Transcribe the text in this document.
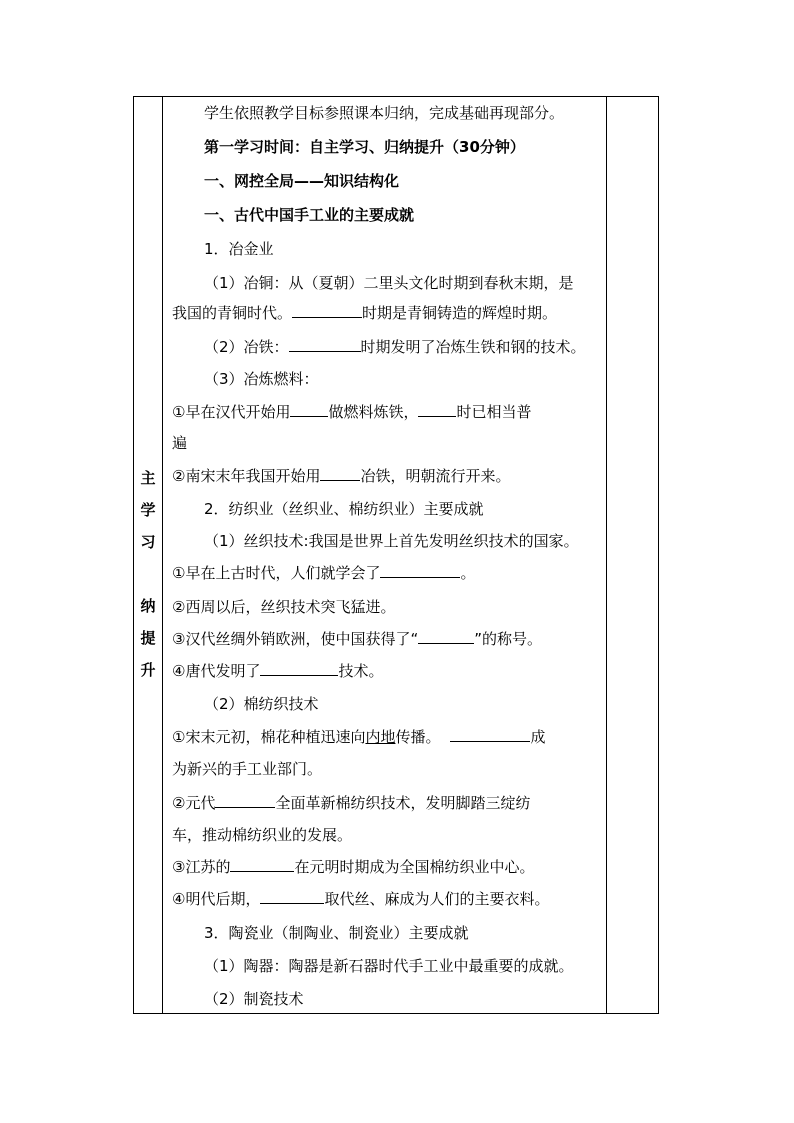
主
学
习
纳
提
升
学生依照教学目标参照课本归纳，完成基础再现部分。
第一学习时间：自主学习、归纳提升（30分钟）
一、网控全局——知识结构化
一、古代中国手工业的主要成就
1．冶金业
（1）冶铜：从（夏朝）二里头文化时期到春秋末期，是
我国的青铜时代。	时期是青铜铸造的辉煌时期。
（2）冶铁：	时期发明了冶炼生铁和钢的技术。
（3）冶炼燃料：
①早在汉代开始用	做燃料炼铁，	时已相当普
遍
②南宋末年我国开始用	冶铁，明朝流行开来。
2．纺织业（丝织业、棉纺织业）主要成就
（1）丝织技术:我国是世界上首先发明丝织技术的国家。
①早在上古时代，人们就学会了	。
②西周以后，丝织技术突飞猛进。
③汉代丝绸外销欧洲，使中国获得了“	”的称号。
④唐代发明了	技术。
（2）棉纺织技术
①宋末元初，棉花种植迅速向内地传播。	成
为新兴的手工业部门。
②元代	全面革新棉纺织技术，发明脚踏三绽纺
车，推动棉纺织业的发展。
③江苏的	在元明时期成为全国棉纺织业中心。
④明代后期，	取代丝、麻成为人们的主要衣料。
3．陶瓷业（制陶业、制瓷业）主要成就
（1）陶器：陶器是新石器时代手工业中最重要的成就。
（2）制瓷技术
